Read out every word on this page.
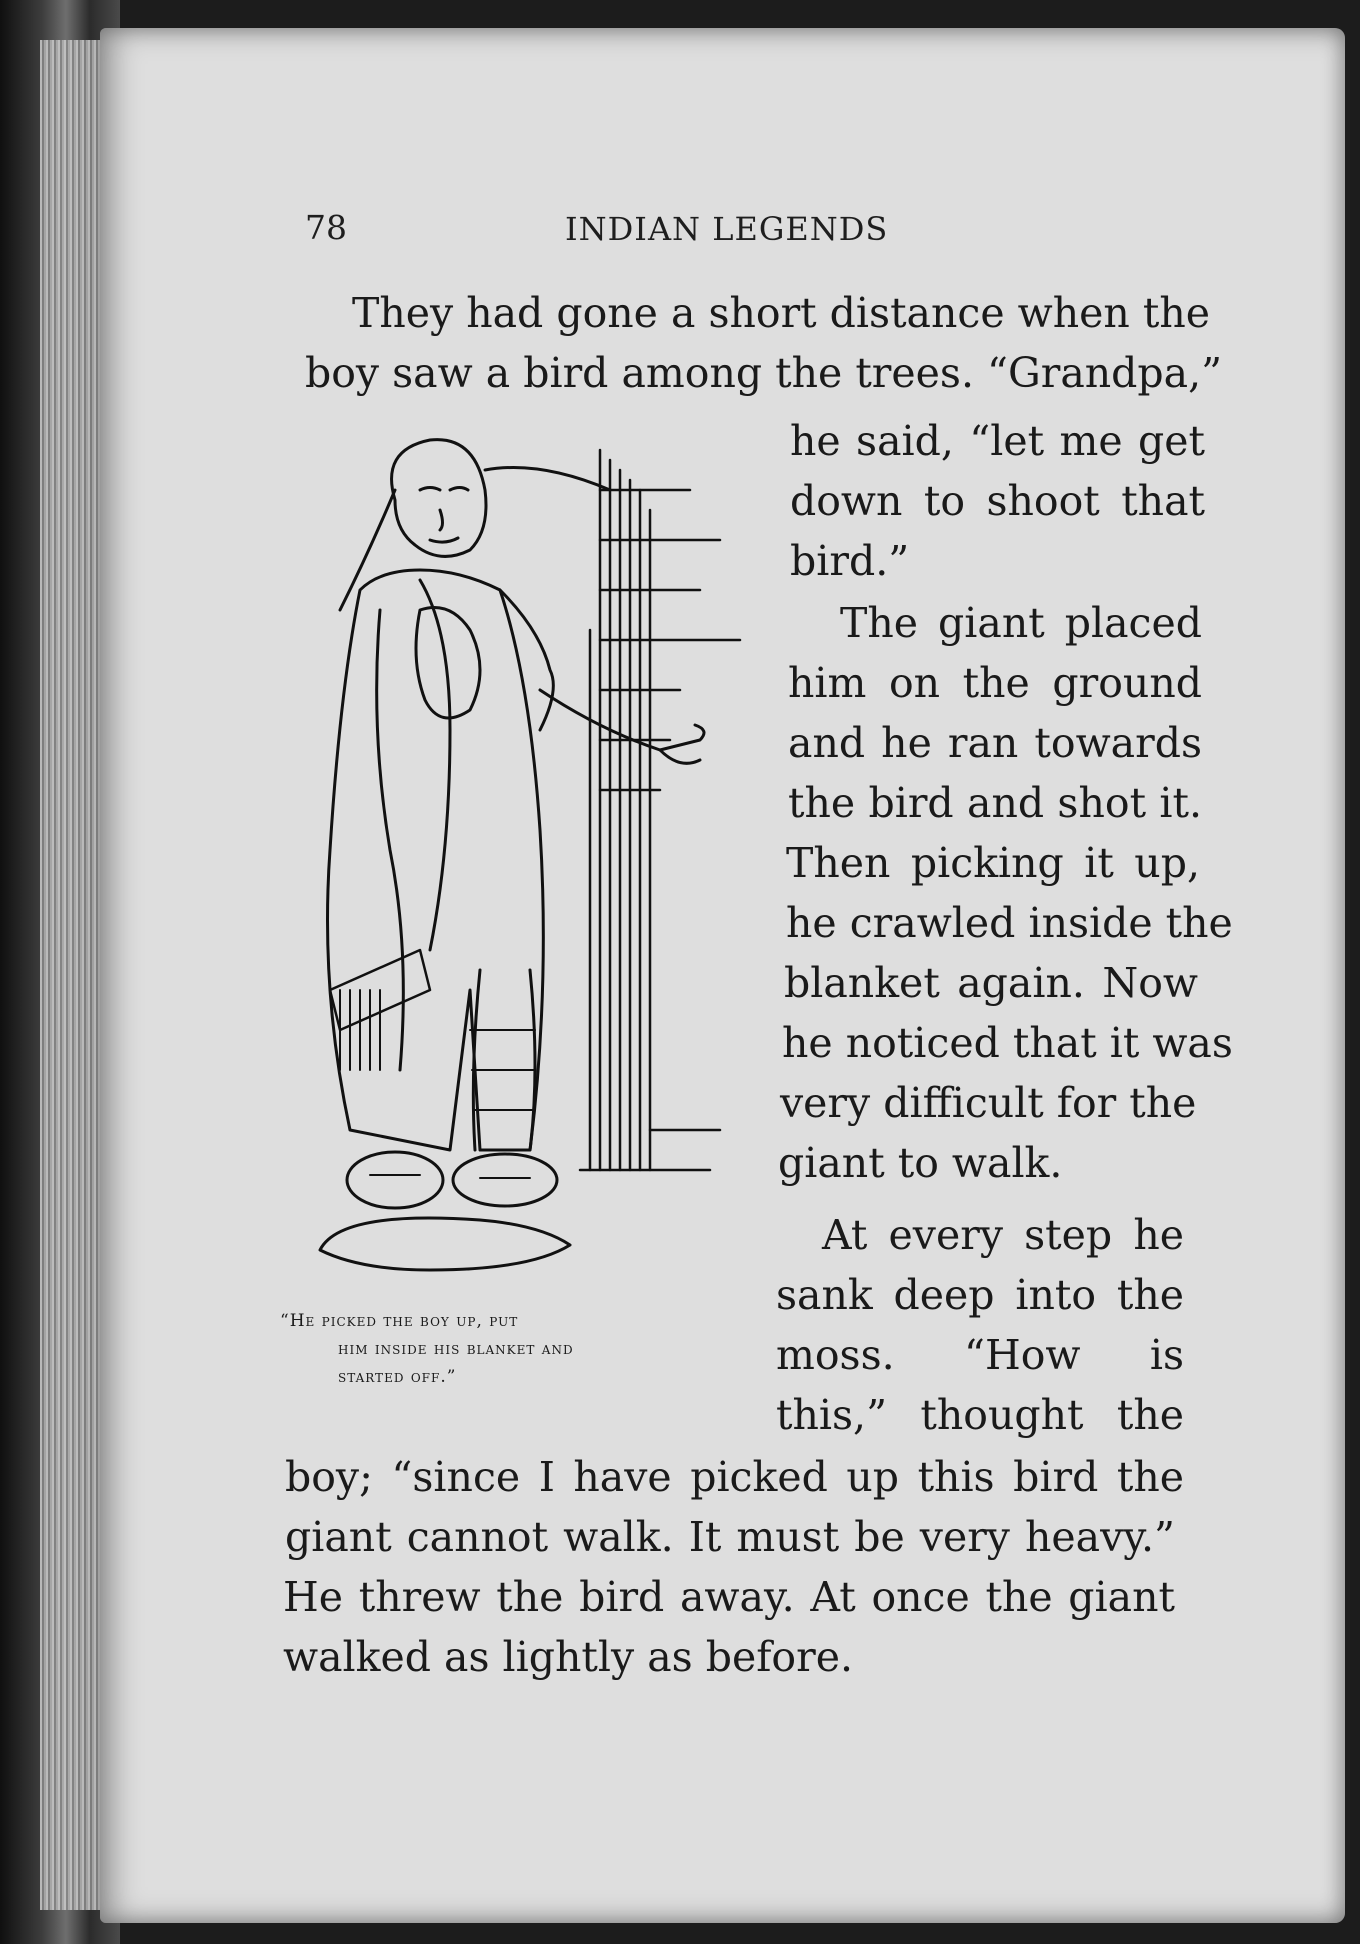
78	INDIAN LEGENDS
They had gone a short distance when the
boy saw a bird among the trees. “Grandpa,”
he said, “let me get
down to shoot that
bird.”
The giant placed
him on the ground
and he ran towards
the bird and shot it.
Then picking it up,
he crawled inside the
blanket again. Now
he noticed that it was
very difficult for the
giant to walk.
At every step he
sank deep into the
moss. “How is
this,” thought the
boy; “since I have picked up this bird the
giant cannot walk. It must be very heavy.”
He threw the bird away. At once the giant
walked as lightly as before.
“He picked the boy up, put
him inside his blanket and
started off.”
